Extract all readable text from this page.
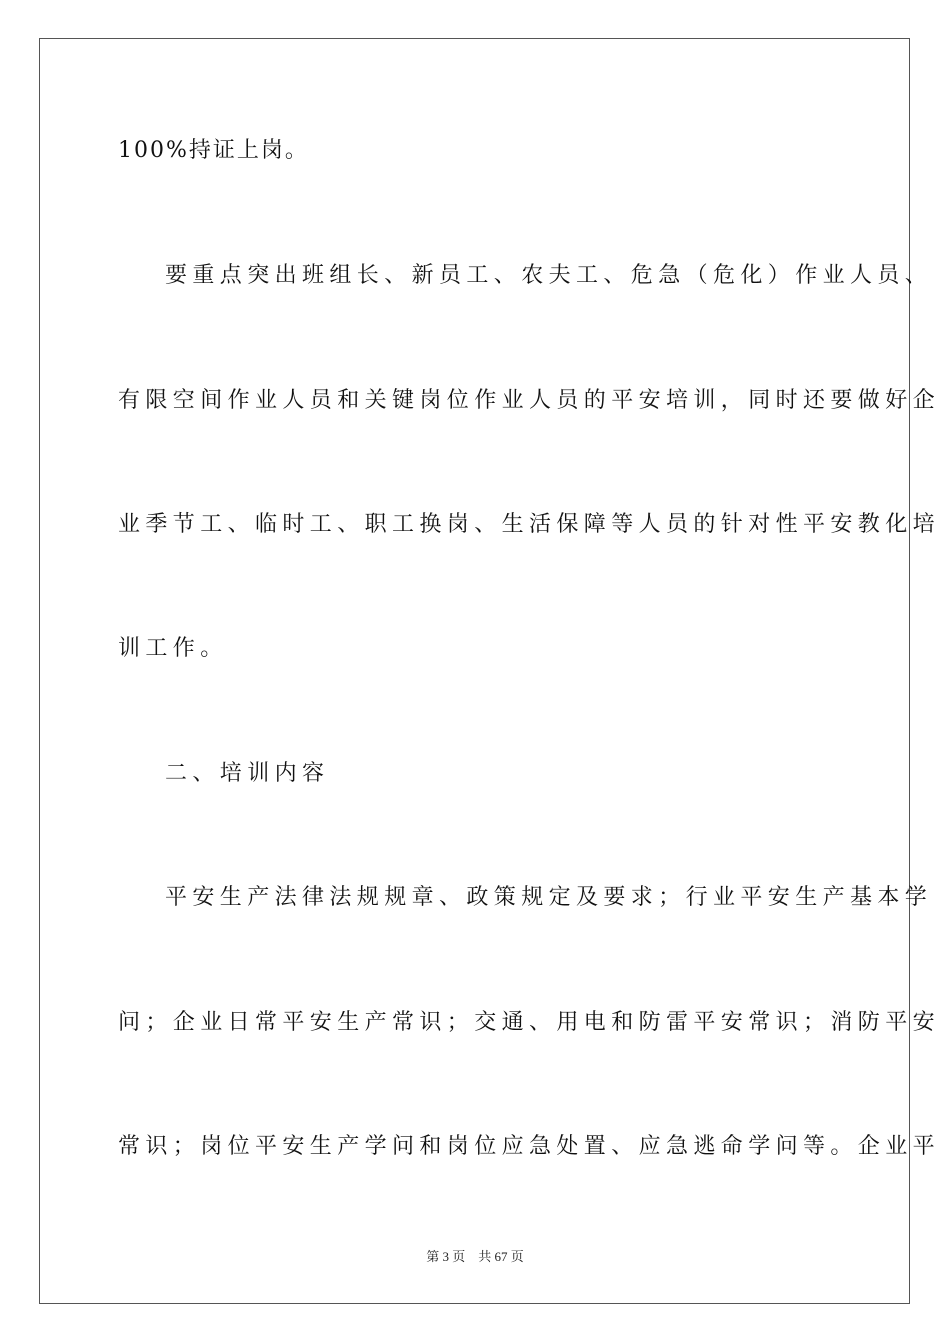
100%持证上岗。
要重点突出班组长、新员工、农夫工、危急（危化）作业人员、
有限空间作业人员和关键岗位作业人员的平安培训，同时还要做好企
业季节工、临时工、职工换岗、生活保障等人员的针对性平安教化培
训工作。
二、培训内容
平安生产法律法规规章、政策规定及要求；行业平安生产基本学
问；企业日常平安生产常识；交通、用电和防雷平安常识；消防平安
常识；岗位平安生产学问和岗位应急处置、应急逃命学问等。企业平
第 3 页 共 67 页
